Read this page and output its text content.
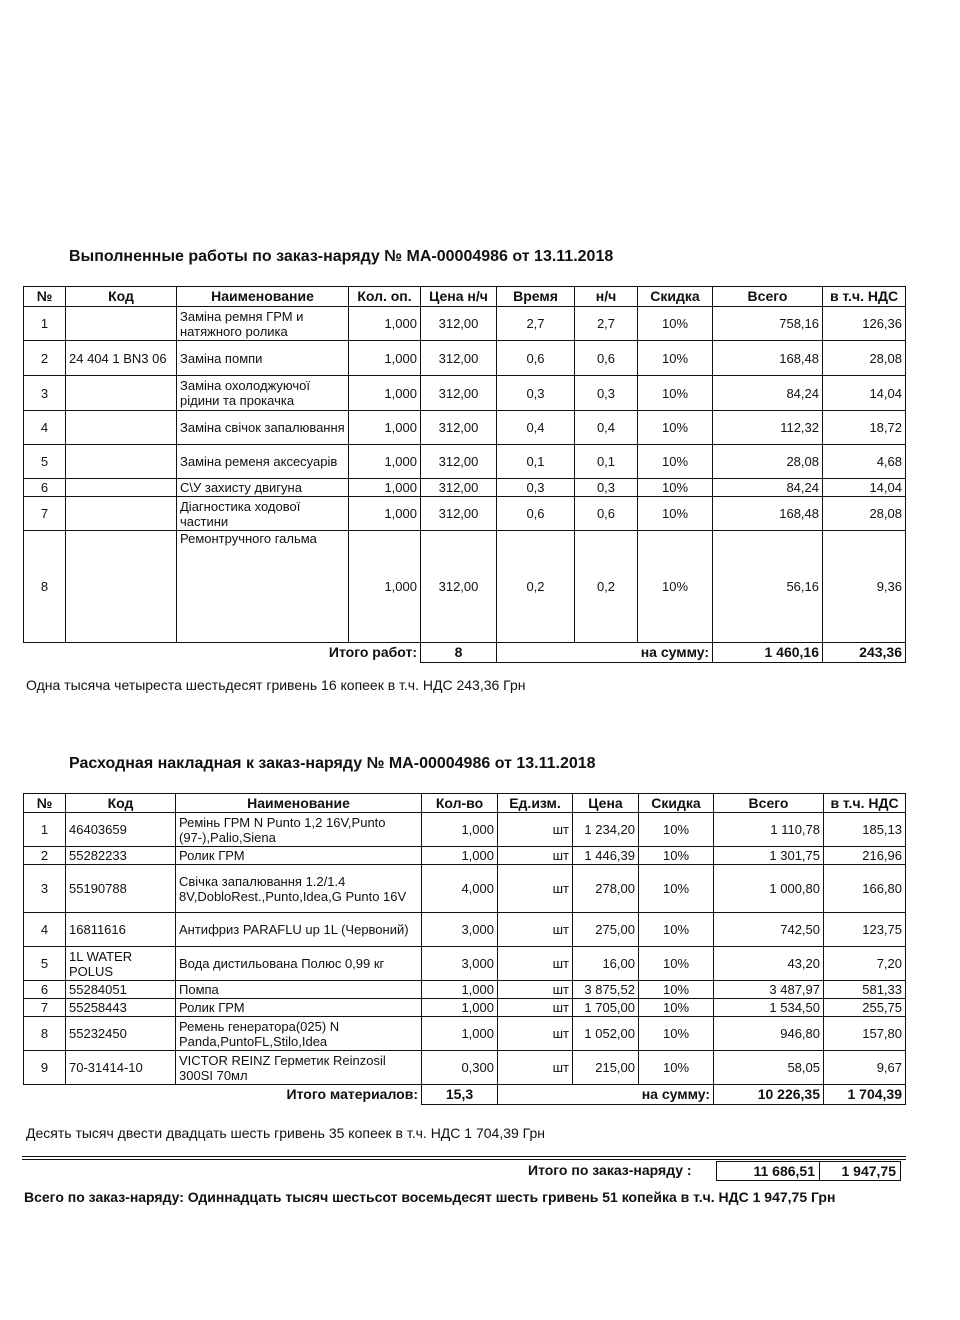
Выполненные работы по заказ-наряду № МА-00004986 от 13.11.2018
№	Код	Наименование	Кол. оп.	Цена н/ч	Время	н/ч	Скидка	Всего	в т.ч. НДС
1		Заміна ремня ГРМ и натяжного ролика	1,000	312,00	2,7	2,7	10%	758,16	126,36
2	24 404 1 BN3 06	Заміна помпи	1,000	312,00	0,6	0,6	10%	168,48	28,08
3		Заміна охолоджуючої рідини та прокачка	1,000	312,00	0,3	0,3	10%	84,24	14,04
4		Заміна свічок запалювання	1,000	312,00	0,4	0,4	10%	112,32	18,72
5		Заміна ременя аксесуарів	1,000	312,00	0,1	0,1	10%	28,08	4,68
6		С\У захисту двигуна	1,000	312,00	0,3	0,3	10%	84,24	14,04
7		Діагностика ходової частини	1,000	312,00	0,6	0,6	10%	168,48	28,08
8		Ремонтручного гальма	1,000	312,00	0,2	0,2	10%	56,16	9,36
		Итого работ:		8	на сумму:			1 460,16	243,36
Одна тысяча четыреста шестьдесят гривень 16 копеек в т.ч. НДС 243,36 Грн
Расходная накладная к заказ-наряду № МА-00004986 от 13.11.2018
№	Код	Наименование	Кол-во	Ед.изм.	Цена	Скидка	Всего	в т.ч. НДС
1	46403659	Ремінь ГРМ N Punto 1,2 16V,Punto (97-),Palio,Siena	1,000	шт	1 234,20	10%	1 110,78	185,13
2	55282233	Ролик ГРМ	1,000	шт	1 446,39	10%	1 301,75	216,96
3	55190788	Свічка запалювання 1.2/1.4 8V,DobloRest.,Punto,Idea,G Punto 16V	4,000	шт	278,00	10%	1 000,80	166,80
4	16811616	Антифриз PARAFLU up 1L (Червоний)	3,000	шт	275,00	10%	742,50	123,75
5	1L WATER POLUS	Вода дистильована Полюс 0,99 кг	3,000	шт	16,00	10%	43,20	7,20
6	55284051	Помпа	1,000	шт	3 875,52	10%	3 487,97	581,33
7	55258443	Ролик ГРМ	1,000	шт	1 705,00	10%	1 534,50	255,75
8	55232450	Ремень генератора(025) N Panda,PuntoFL,Stilo,Idea	1,000	шт	1 052,00	10%	946,80	157,80
9	70-31414-10	VICTOR REINZ Герметик Reinzosil 300SI 70мл	0,300	шт	215,00	10%	58,05	9,67
	Итого материалов:		15,3	на сумму:			10 226,35	1 704,39
Десять тысяч двести двадцать шесть гривень 35 копеек в т.ч. НДС 1 704,39 Грн
Итого по заказ-наряду :	11 686,51	1 947,75
Всего по заказ-наряду: Одиннадцать тысяч шестьсот восемьдесят шесть гривень 51 копейка в т.ч. НДС 1 947,75 Грн
